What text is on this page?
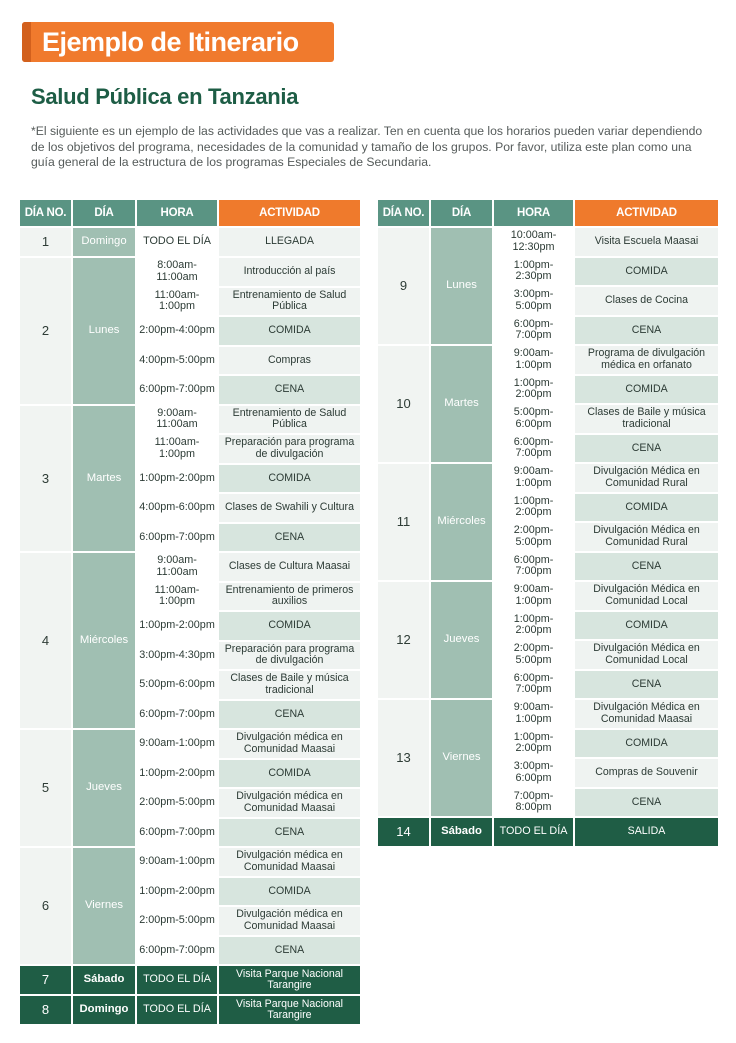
Ejemplo de Itinerario
Salud Pública en Tanzania
*El siguiente es un ejemplo de las actividades que vas a realizar. Ten en cuenta que los horarios pueden variar dependiendo de los objetivos del programa, necesidades de la comunidad y tamaño de los grupos. Por favor, utiliza este plan como una guía general de la estructura de los programas Especiales de Secundaria.
DÍA NO.	DÍA	HORA	ACTIVIDAD
1	Domingo	TODO EL DÍA	LLEGADA
2	Lunes	8:00am-11:00am	Introducción al país
		11:00am-1:00pm	Entrenamiento de Salud Pública
		2:00pm-4:00pm	COMIDA
		4:00pm-5:00pm	Compras
		6:00pm-7:00pm	CENA
3	Martes	9:00am-11:00am	Entrenamiento de Salud Pública
		11:00am-1:00pm	Preparación para programa de divulgación
		1:00pm-2:00pm	COMIDA
		4:00pm-6:00pm	Clases de Swahili y Cultura
		6:00pm-7:00pm	CENA
4	Miércoles	9:00am-11:00am	Clases de Cultura Maasai
		11:00am-1:00pm	Entrenamiento de primeros auxilios
		1:00pm-2:00pm	COMIDA
		3:00pm-4:30pm	Preparación para programa de divulgación
		5:00pm-6:00pm	Clases de Baile y música tradicional
		6:00pm-7:00pm	CENA
5	Jueves	9:00am-1:00pm	Divulgación médica en Comunidad Maasai
		1:00pm-2:00pm	COMIDA
		2:00pm-5:00pm	Divulgación médica en Comunidad Maasai
		6:00pm-7:00pm	CENA
6	Viernes	9:00am-1:00pm	Divulgación médica en Comunidad Maasai
		1:00pm-2:00pm	COMIDA
		2:00pm-5:00pm	Divulgación médica en Comunidad Maasai
		6:00pm-7:00pm	CENA
7	Sábado	TODO EL DÍA	Visita Parque Nacional Tarangire
8	Domingo	TODO EL DÍA	Visita Parque Nacional Tarangire
DÍA NO.	DÍA	HORA	ACTIVIDAD
9	Lunes	10:00am-12:30pm	Visita Escuela Maasai
		1:00pm-2:30pm	COMIDA
		3:00pm-5:00pm	Clases de Cocina
		6:00pm-7:00pm	CENA
10	Martes	9:00am-1:00pm	Programa de divulgación médica en orfanato
		1:00pm-2:00pm	COMIDA
		5:00pm-6:00pm	Clases de Baile y música tradicional
		6:00pm-7:00pm	CENA
11	Miércoles	9:00am-1:00pm	Divulgación Médica en Comunidad Rural
		1:00pm-2:00pm	COMIDA
		2:00pm-5:00pm	Divulgación Médica en Comunidad Rural
		6:00pm-7:00pm	CENA
12	Jueves	9:00am-1:00pm	Divulgación Médica en Comunidad Local
		1:00pm-2:00pm	COMIDA
		2:00pm-5:00pm	Divulgación Médica en Comunidad Local
		6:00pm-7:00pm	CENA
13	Viernes	9:00am-1:00pm	Divulgación Médica en Comunidad Maasai
		1:00pm-2:00pm	COMIDA
		3:00pm-6:00pm	Compras de Souvenir
		7:00pm-8:00pm	CENA
14	Sábado	TODO EL DÍA	SALIDA
